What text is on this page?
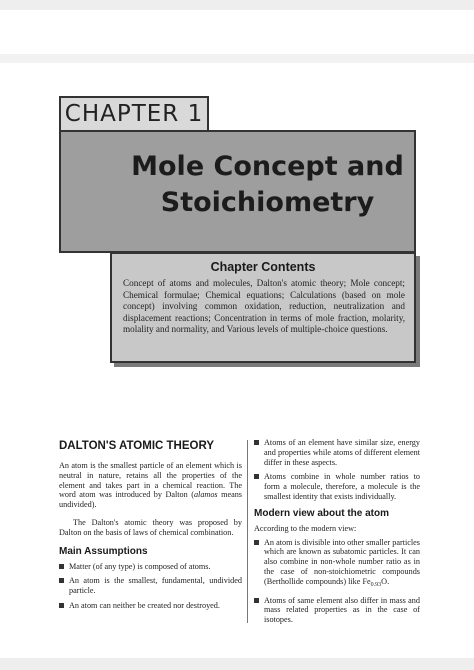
CHAPTER 1
Mole Concept and
Stoichiometry
Chapter Contents
Concept of atoms and molecules, Dalton's atomic theory; Mole concept; Chemical formulae; Chemical equations; Calculations (based on mole concept) involving common oxidation, reduction, neutralization and displacement reactions; Concentration in terms of mole fraction, molarity, molality and normality, and Various levels of multiple-choice questions.
DALTON'S ATOMIC THEORY

An atom is the smallest particle of an element which is neutral in nature, retains all the properties of the element and takes part in a chemical reaction. The word atom was introduced by Dalton (alamos means undivided).

The Dalton's atomic theory was proposed by Dalton on the basis of laws of chemical combination.

Main Assumptions
Matter (of any type) is composed of atoms.
An atom is the smallest, fundamental, undivided particle.
An atom can neither be created nor destroyed.
Atoms of an element have similar size, energy and properties while atoms of different element differ in these aspects.
Atoms combine in whole number ratios to form a molecule, therefore, a molecule is the smallest identity that exists individually.
Modern view about the atom

According to the modern view:

An atom is divisible into other smaller particles which are known as subatomic particles. It can also combine in non-whole number ratio as in the case of non-stoichiometric compounds (Berthollide compounds) like $Fe_{0.93}O$.
Atoms of same element also differ in mass and mass related properties as in the case of isotopes.
